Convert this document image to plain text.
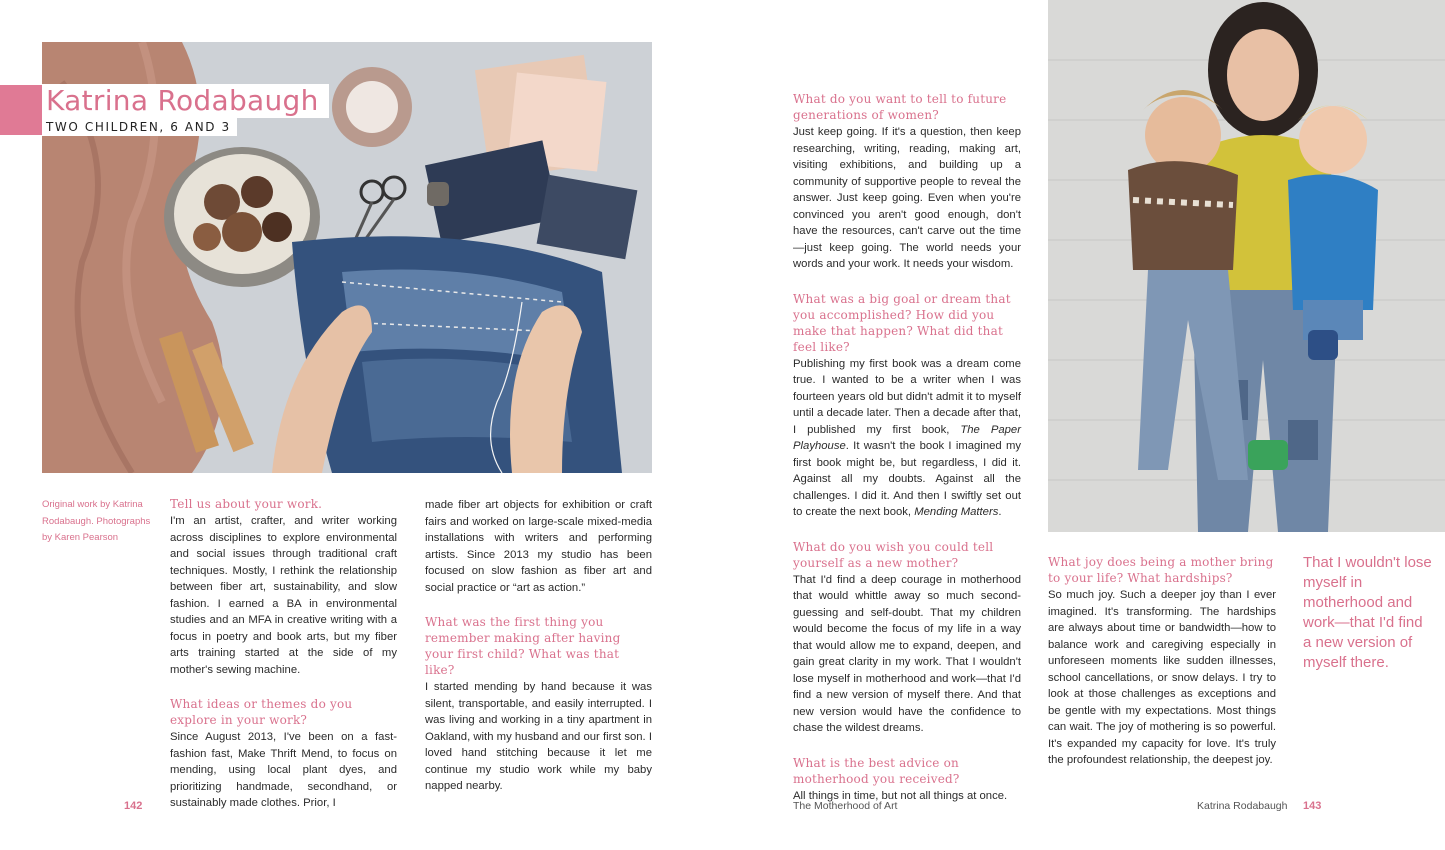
Katrina Rodabaugh
TWO CHILDREN, 6 AND 3

Original work by Katrina Rodabaugh. Photographs by Karen Pearson

Tell us about your work.

I'm an artist, crafter, and writer working across disciplines to explore environmental and social issues through traditional craft techniques. Mostly, I rethink the relationship between fiber art, sustainability, and slow fashion. I earned a BA in environmental studies and an MFA in creative writing with a focus in poetry and book arts, but my fiber arts training started at the side of my mother's sewing machine.

What ideas or themes do you explore in your work?

Since August 2013, I've been on a fast-fashion fast, Make Thrift Mend, to focus on mending, using local plant dyes, and prioritizing handmade, secondhand, or sustainably made clothes. Prior, I

made fiber art objects for exhibition or craft fairs and worked on large-scale mixed-media installations with writers and performing artists. Since 2013 my studio has been focused on slow fashion as fiber art and social practice or “art as action.”

What was the first thing you remember making after having your first child? What was that like?

I started mending by hand because it was silent, transportable, and easily interrupted. I was living and working in a tiny apartment in Oakland, with my husband and our first son. I loved hand stitching because it let me continue my studio work while my baby napped nearby.

142

What do you want to tell to future generations of women?

Just keep going. If it's a question, then keep researching, writing, reading, making art, visiting exhibitions, and building up a community of supportive people to reveal the answer. Just keep going. Even when you're convinced you aren't good enough, don't have the resources, can't carve out the time—just keep going. The world needs your words and your work. It needs your wisdom.

What was a big goal or dream that you accomplished? How did you make that happen? What did that feel like?

Publishing my first book was a dream come true. I wanted to be a writer when I was fourteen years old but didn't admit it to myself until a decade later. Then a decade after that, I published my first book, The Paper Playhouse. It wasn't the book I imagined my first book might be, but regardless, I did it. Against all my doubts. Against all the challenges. I did it. And then I swiftly set out to create the next book, Mending Matters.

What do you wish you could tell yourself as a new mother?

That I'd find a deep courage in motherhood that would whittle away so much second-guessing and self-doubt. That my children would become the focus of my life in a way that would allow me to expand, deepen, and gain great clarity in my work. That I wouldn't lose myself in motherhood and work—that I'd find a new version of myself there. And that new version would have the confidence to chase the wildest dreams.

What is the best advice on motherhood you received?

All things in time, but not all things at once.

What joy does being a mother bring to your life? What hardships?

So much joy. Such a deeper joy than I ever imagined. It's transforming. The hardships are always about time or bandwidth—how to balance work and caregiving especially in unforeseen moments like sudden illnesses, school cancellations, or snow delays. I try to look at those challenges as exceptions and be gentle with my expectations. Most things can wait. The joy of mothering is so powerful. It's expanded my capacity for love. It's truly the profoundest relationship, the deepest joy.

That I wouldn't lose myself in motherhood and work—that I'd find a new version of myself there.

The Motherhood of Art	Katrina Rodabaugh 143
